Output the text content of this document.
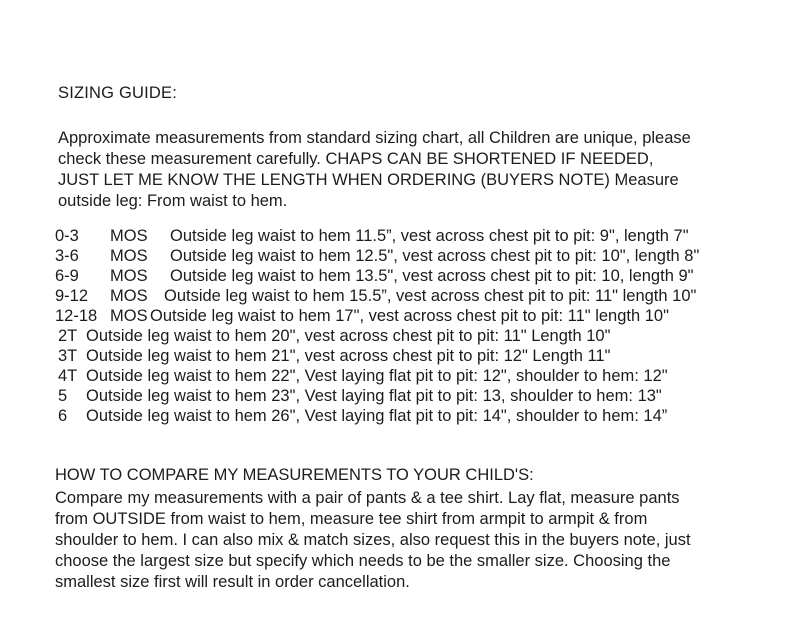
SIZING GUIDE:

Approximate measurements from standard sizing chart, all Children are unique, please
check these measurement carefully. CHAPS CAN BE SHORTENED IF NEEDED,
JUST LET ME KNOW THE LENGTH WHEN ORDERING (BUYERS NOTE) Measure
outside leg: From waist to hem.

0-3 MOS Outside leg waist to hem 11.5”, vest across chest pit to pit: 9", length 7"
3-6 MOS Outside leg waist to hem 12.5", vest across chest pit to pit: 10", length 8"
6-9 MOS Outside leg waist to hem 13.5", vest across chest pit to pit: 10, length 9"
9-12 MOS Outside leg waist to hem 15.5”, vest across chest pit to pit: 11" length 10"
12-18 MOS Outside leg waist to hem 17", vest across chest pit to pit: 11" length 10"
2T Outside leg waist to hem 20", vest across chest pit to pit: 11" Length 10"
3T Outside leg waist to hem 21", vest across chest pit to pit: 12" Length 11"
4T Outside leg waist to hem 22", Vest laying flat pit to pit: 12", shoulder to hem: 12"
5 Outside leg waist to hem 23", Vest laying flat pit to pit: 13, shoulder to hem: 13"
6 Outside leg waist to hem 26", Vest laying flat pit to pit: 14", shoulder to hem: 14”
HOW TO COMPARE MY MEASUREMENTS TO YOUR CHILD'S:

Compare my measurements with a pair of pants & a tee shirt. Lay flat, measure pants
from OUTSIDE from waist to hem, measure tee shirt from armpit to armpit & from
shoulder to hem. I can also mix & match sizes, also request this in the buyers note, just
choose the largest size but specify which needs to be the smaller size. Choosing the
smallest size first will result in order cancellation.
